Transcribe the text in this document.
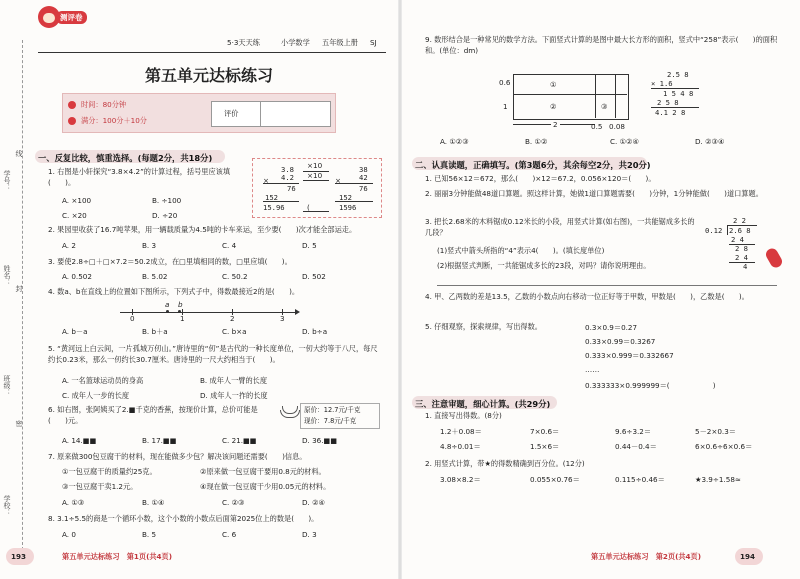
线
封
密
学号：
姓名：
班级：
学校：
测评卷
5·3天天练	小学数学 五年级上册 SJ
第五单元达标练习
时间：80分钟
满分：100分＋10分
评价
一、反复比较，慎重选择。(每题2分，共18分)
1. 右图是小轩探究“3.8×4.2”的计算过程，括号里应该填(　　)。
A. ×100	B. ÷100
C. ×20	D. ÷20
3.8
4.2
×
76
152
15.96
×10
×10
(
38
42
×
76
152
1596
2. 果园里收获了16.7吨苹果，用一辆载质量为4.5吨的卡车来运，至少要(　　)次才能全部运走。
A. 2	B. 3	C. 4	D. 5
3. 要使2.8÷□＋□×7.2＝50.2成立，在□里填相同的数，□里应填(　　)。
A. 0.502	B. 5.02	C. 50.2	D. 502
4. 数a、b在直线上的位置如下图所示，下列式子中，得数最接近2的是(　　)。
a b
0	1	2	3
A. b－a	B. b＋a	C. b×a	D. b÷a
5. “黄河远上白云间，一片孤城万仞山。”唐诗里的“仞”是古代的一种长度单位，一仞大约等于八尺，每尺约长0.23米，那么一仞约长30.7厘米。唐诗里的一尺大约相当于(　　)。
A. 一名篮球运动员的身高	B. 成年人一臂的长度
C. 成年人一步的长度	D. 成年人一拃的长度
6. 如右图，张阿姨买了2.■千克的香蕉，按现价计算，总价可能是(　　)元。
原价：12.7元/千克
现价：7.8元/千克
A. 14.■■	B. 17.■■	C. 21.■■	D. 36.■■
7. 原来做300包豆腐干的材料，现在能做多少包？解决该问题还需要(　　)信息。
①一包豆腐干的质量约25克。	②原来做一包豆腐干要用0.8元的材料。
③一包豆腐干卖1.2元。	④现在做一包豆腐干少用0.05元的材料。
A. ①③	B. ①④	C. ②③	D. ②④
8. 3.1÷5.5的商是一个循环小数，这个小数的小数点后面第2025位上的数是(　　)。
A. 0	B. 5	C. 6	D. 3
193	第五单元达标练习　第1页(共4页)
9. 数形结合是一种常见的数学方法。下面竖式计算的是图中最大长方形的面积，竖式中“258”表示(　　)的面积和。(单位：dm)
①
②	③
0.6
1
2	0.5 0.08
2.5 8
× 1.6
1 5 4 8
2 5 8
4.1 2 8
A. ①②③	B. ①②	C. ①②④	D. ②③④
二、认真读题，正确填写。(第3题6分，其余每空2分，共20分)
1. 已知56×12＝672，那么(　　)×12＝67.2，0.056×120＝(　　)。
2. 丽丽3分钟能做48道口算题。照这样计算，她做1道口算题需要(　　)分钟，1分钟能做(　　)道口算题。
3. 把长2.68米的木料锯成0.12米长的小段，用竖式计算(如右图)，一共能锯成多长的几段？
(1)竖式中箭头所指的“4”表示4(　　)。(填长度单位)
(2)根据竖式判断，一共能锯成多长的23段，对吗？请你说明理由。
2 2
0.12 2.6 8
2 4
2 8
2 4
4
4. 甲、乙两数的差是13.5，乙数的小数点向右移动一位正好等于甲数，甲数是(　　)，乙数是(　　)。
5. 仔细观察，探索规律，写出得数。	0.3×0.9＝0.27
0.33×0.99＝0.3267
0.333×0.999＝0.332667
……
0.333333×0.999999＝(　　　　　　)
三、注意审题，细心计算。(共29分)
1. 直接写出得数。(8分)
1.2＋0.08＝	7×0.6＝	9.6÷3.2＝	5－2×0.3＝
4.8÷0.01＝	1.5×6＝	0.44－0.4＝	6×0.6÷6×0.6＝
2. 用竖式计算，带★的得数精确到百分位。(12分)
3.08×8.2＝	0.055×0.76＝	0.115÷0.46＝	★3.9÷1.58≈
第五单元达标练习　第2页(共4页)	194
